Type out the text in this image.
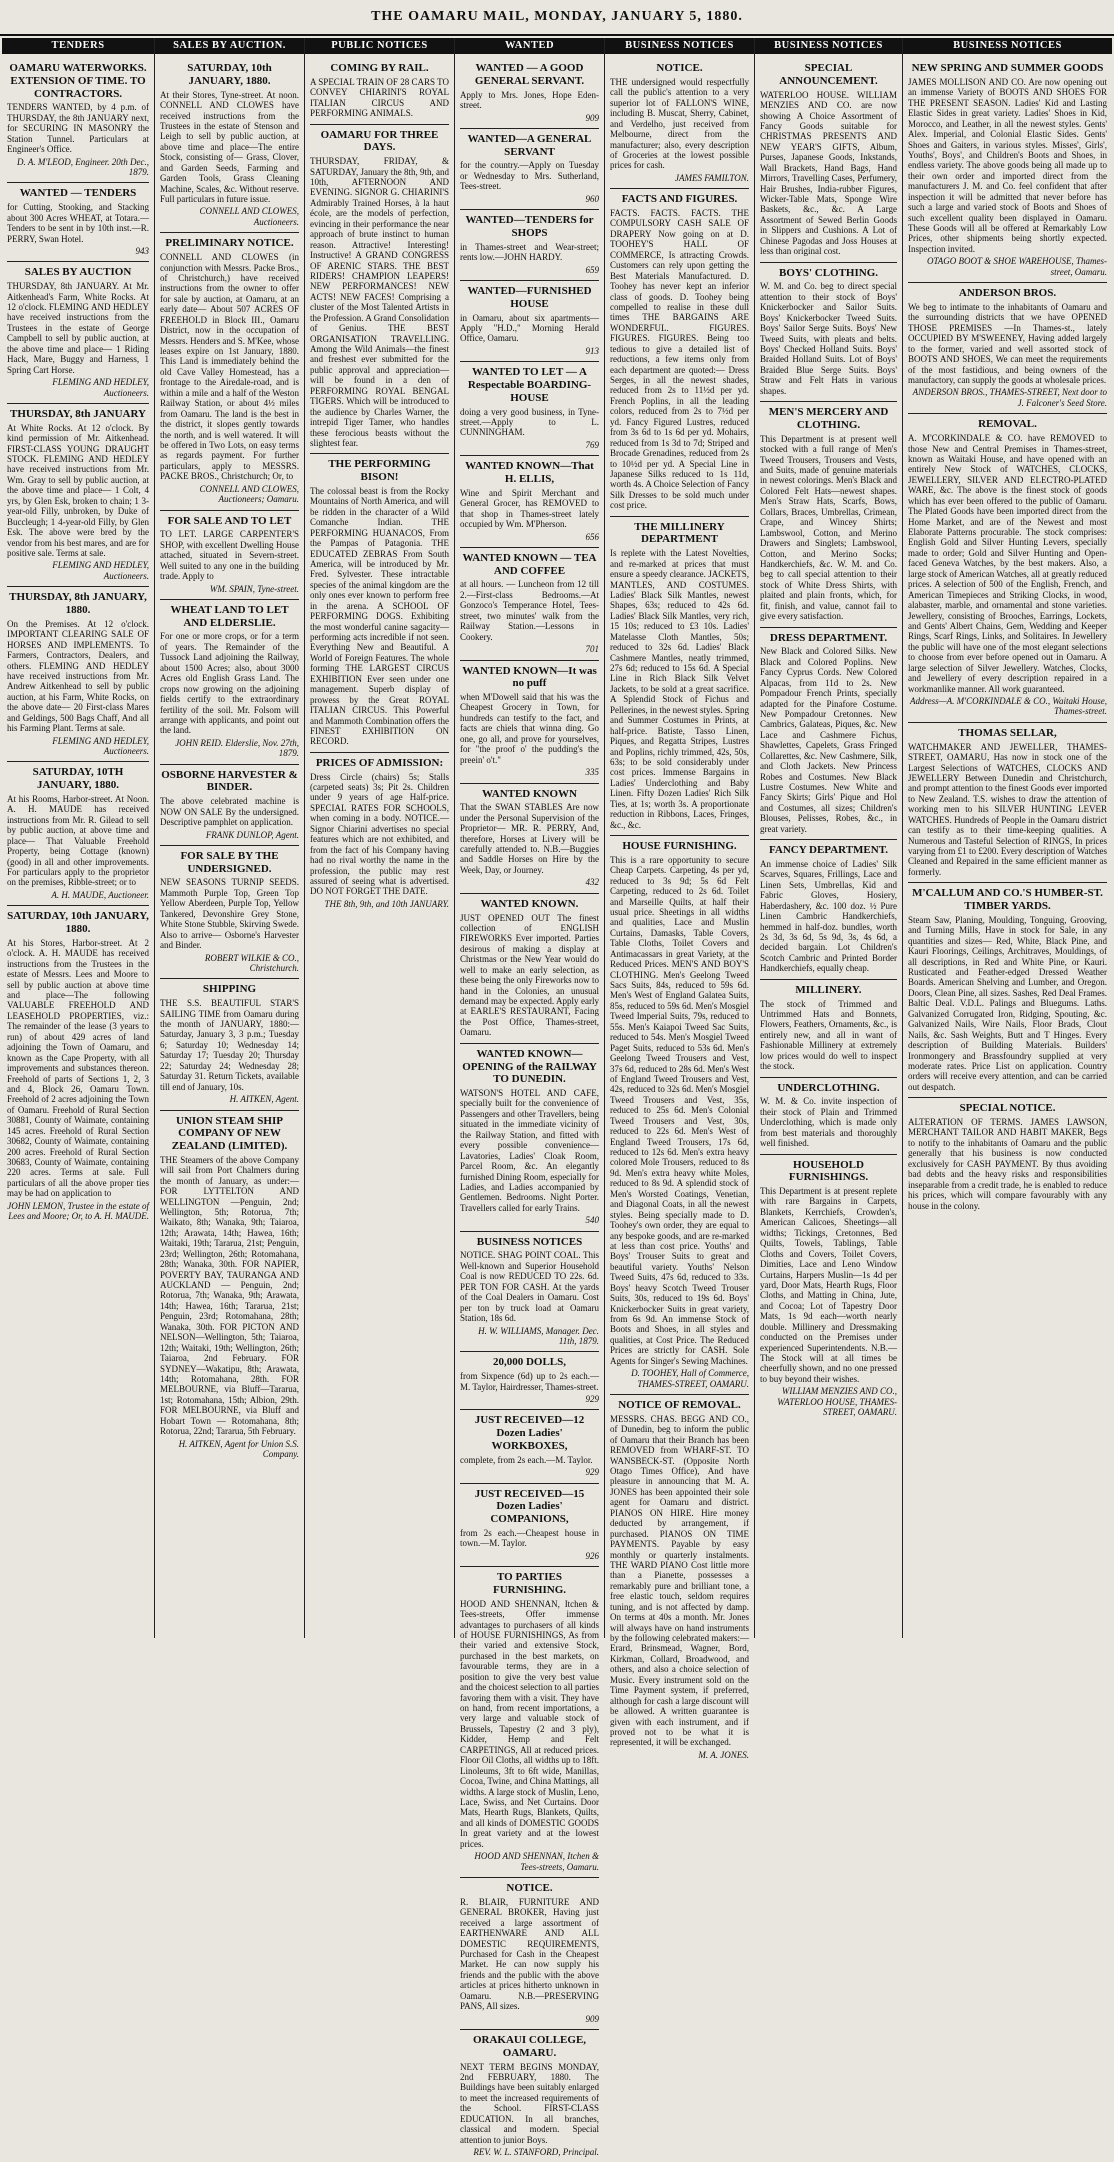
THE OAMARU MAIL, MONDAY, JANUARY 5, 1880.
TENDERS
OAMARU WATERWORKS. EXTENSION OF TIME. TO CONTRACTORS.
TENDERS WANTED, by 4 p.m. of THURSDAY, the 8th JANUARY next, for SECURING IN MASONRY the Station Tunnel. Particulars at Engineer's Office.
D. A. M'LEOD, Engineer. 20th Dec., 1879.
WANTED — TENDERS
for Cutting, Stooking, and Stacking about 300 Acres WHEAT, at Totara.—Tenders to be sent in by 10th inst.—R. PERRY, Swan Hotel.
943
SALES BY AUCTION
THURSDAY, 8th JANUARY. At Mr. Aitkenhead's Farm, White Rocks. At 12 o'clock. FLEMING AND HEDLEY have received instructions from the Trustees in the estate of George Campbell to sell by public auction, at the above time and place— 1 Riding Hack, Mare, Buggy and Harness, 1 Spring Cart Horse.
FLEMING AND HEDLEY, Auctioneers.
THURSDAY, 8th JANUARY
At White Rocks. At 12 o'clock. By kind permission of Mr. Aitkenhead. FIRST-CLASS YOUNG DRAUGHT STOCK. FLEMING AND HEDLEY have received instructions from Mr. Wm. Gray to sell by public auction, at the above time and place— 1 Colt, 4 yrs, by Glen Esk, broken to chain; 1 3-year-old Filly, unbroken, by Duke of Buccleugh; 1 4-year-old Filly, by Glen Esk. The above were bred by the vendor from his best mares, and are for positive sale. Terms at sale.
FLEMING AND HEDLEY, Auctioneers.
THURSDAY, 8th JANUARY, 1880.
On the Premises. At 12 o'clock. IMPORTANT CLEARING SALE OF HORSES AND IMPLEMENTS. To Farmers, Contractors, Dealers, and others. FLEMING AND HEDLEY have received instructions from Mr. Andrew Aitkenhead to sell by public auction, at his Farm, White Rocks, on the above date— 20 First-class Mares and Geldings, 500 Bags Chaff, And all his Farming Plant. Terms at sale.
FLEMING AND HEDLEY, Auctioneers.
SATURDAY, 10TH JANUARY, 1880.
At his Rooms, Harbor-street. At Noon. A. H. MAUDE has received instructions from Mr. R. Gilead to sell by public auction, at above time and place— That Valuable Freehold Property, being Cottage (known) (good) in all and other improvements. For particulars apply to the proprietor on the premises, Ribble-street; or to
A. H. MAUDE, Auctioneer.
SATURDAY, 10th JANUARY, 1880.
At his Stores, Harbor-street. At 2 o'clock. A. H. MAUDE has received instructions from the Trustees in the estate of Messrs. Lees and Moore to sell by public auction at above time and place—The following VALUABLE FREEHOLD AND LEASEHOLD PROPERTIES, viz.: The remainder of the lease (3 years to run) of about 429 acres of land adjoining the Town of Oamaru, and known as the Cape Property, with all improvements and substances thereon. Freehold of parts of Sections 1, 2, 3 and 4, Block 26, Oamaru Town. Freehold of 2 acres adjoining the Town of Oamaru. Freehold of Rural Section 30881, County of Waimate, containing 145 acres. Freehold of Rural Section 30682, County of Waimate, containing 200 acres. Freehold of Rural Section 30683, County of Waimate, containing 220 acres. Terms at sale. Full particulars of all the above proper ties may be had on application to
JOHN LEMON, Trustee in the estate of Lees and Moore; Or, to A. H. MAUDE.
SALES BY AUCTION.
SATURDAY, 10th JANUARY, 1880.
At their Stores, Tyne-street. At noon. CONNELL AND CLOWES have received instructions from the Trustees in the estate of Stenson and Leigh to sell by public auction, at above time and place—The entire Stock, consisting of— Grass, Clover, and Garden Seeds, Farming and Garden Tools, Grass Cleaning Machine, Scales, &c. Without reserve. Full particulars in future issue.
CONNELL AND CLOWES, Auctioneers.
PRELIMINARY NOTICE.
CONNELL AND CLOWES (in conjunction with Messrs. Packe Bros., of Christchurch,) have received instructions from the owner to offer for sale by auction, at Oamaru, at an early date— About 507 ACRES OF FREEHOLD in Block III., Oamaru District, now in the occupation of Messrs. Henders and S. M'Kee, whose leases expire on 1st January, 1880. This Land is immediately behind the old Cave Valley Homestead, has a frontage to the Airedale-road, and is within a mile and a half of the Weston Railway Station, or about 4½ miles from Oamaru. The land is the best in the district, it slopes gently towards the north, and is well watered. It will be offered in Two Lots, on easy terms as regards payment. For further particulars, apply to MESSRS. PACKE BROS., Christchurch; Or, to
CONNELL AND CLOWES, Auctioneers; Oamaru.
FOR SALE AND TO LET
TO LET. LARGE CARPENTER'S SHOP, with excellent Dwelling House attached, situated in Severn-street. Well suited to any one in the building trade. Apply to
WM. SPAIN, Tyne-street.
WHEAT LAND TO LET AND ELDERSLIE.
For one or more crops, or for a term of years. The Remainder of the Tussock Land adjoining the Railway, about 1500 Acres; also, about 3000 Acres old English Grass Land. The crops now growing on the adjoining fields certify to the extraordinary fertility of the soil. Mr. Folsom will arrange with applicants, and point out the land.
JOHN REID. Elderslie, Nov. 27th, 1879.
OSBORNE HARVESTER & BINDER.
The above celebrated machine is NOW ON SALE By the undersigned. Descriptive pamphlet on application.
FRANK DUNLOP, Agent.
FOR SALE BY THE UNDERSIGNED.
NEW SEASONS TURNIP SEEDS. Mammoth Purple Top, Green Top Yellow Aberdeen, Purple Top, Yellow Tankered, Devonshire Grey Stone, White Stone Stubble, Skirving Swede. Also to arrive— Osborne's Harvester and Binder.
ROBERT WILKIE & CO., Christchurch.
SHIPPING
THE S.S. BEAUTIFUL STAR'S SAILING TIME from Oamaru during the month of JANUARY, 1880:— Saturday, January 3, 3 p.m.; Tuesday 6; Saturday 10; Wednesday 14; Saturday 17; Tuesday 20; Thursday 22; Saturday 24; Wednesday 28; Saturday 31. Return Tickets, available till end of January, 10s.
H. AITKEN, Agent.
UNION STEAM SHIP COMPANY OF NEW ZEALAND (LIMITED).
THE Steamers of the above Company will sail from Port Chalmers during the month of January, as under:— FOR LYTTELTON AND WELLINGTON —Penguin, 2nd; Wellington, 5th; Rotorua, 7th; Waikato, 8th; Wanaka, 9th; Taiaroa, 12th; Arawata, 14th; Hawea, 16th; Waitaki, 19th; Tararua, 21st; Penguin, 23rd; Wellington, 26th; Rotomahana, 28th; Wanaka, 30th. FOR NAPIER, POVERTY BAY, TAURANGA AND AUCKLAND — Penguin, 2nd; Rotorua, 7th; Wanaka, 9th; Arawata, 14th; Hawea, 16th; Tararua, 21st; Penguin, 23rd; Rotomahana, 28th; Wanaka, 30th. FOR PICTON AND NELSON—Wellington, 5th; Taiaroa, 12th; Waitaki, 19th; Wellington, 26th; Taiaroa, 2nd February. FOR SYDNEY—Wakatipu, 8th; Arawata, 14th; Rotomahana, 28th. FOR MELBOURNE, via Bluff—Tararua, 1st; Rotomahana, 15th; Albion, 29th. FOR MELBOURNE, via Bluff and Hobart Town — Rotomahana, 8th; Rotorua, 22nd; Tararua, 5th February.
H. AITKEN, Agent for Union S.S. Company.
PUBLIC NOTICES
COMING BY RAIL.
A SPECIAL TRAIN OF 28 CARS TO CONVEY CHIARINI'S ROYAL ITALIAN CIRCUS AND PERFORMING ANIMALS.
OAMARU FOR THREE DAYS.
THURSDAY, FRIDAY, & SATURDAY, January the 8th, 9th, and 10th, AFTERNOON AND EVENING. SIGNOR G. CHIARINI'S Admirably Trained Horses, à la haut école, are the models of perfection, evincing in their performance the near approach of brute instinct to human reason. Attractive! Interesting! Instructive! A GRAND CONGRESS OF ARENIC STARS. THE BEST RIDERS! CHAMPION LEAPERS! NEW PERFORMANCES! NEW ACTS! NEW FACES! Comprising a cluster of the Most Talented Artists in the Profession. A Grand Consolidation of Genius. THE BEST ORGANISATION TRAVELLING. Among the Wild Animals—the finest and freshest ever submitted for the public approval and appreciation—will be found in a den of PERFORMING ROYAL BENGAL TIGERS. Which will be introduced to the audience by Charles Warner, the intrepid Tiger Tamer, who handles these ferocious beasts without the slightest fear.
THE PERFORMING BISON!
The colossal beast is from the Rocky Mountains of North America, and will be ridden in the character of a Wild Comanche Indian. THE PERFORMING HUANACOS, From the Pampas of Patagonia. THE EDUCATED ZEBRAS From South America, will be introduced by Mr. Fred. Sylvester. These intractable species of the animal kingdom are the only ones ever known to perform free in the arena. A SCHOOL OF PERFORMING DOGS. Exhibiting the most wonderful canine sagacity—performing acts incredible if not seen. Everything New and Beautiful. A World of Foreign Features. The whole forming THE LARGEST CIRCUS EXHIBITION Ever seen under one management. Superb display of prowess by the Great ROYAL ITALIAN CIRCUS. This Powerful and Mammoth Combination offers the FINEST EXHIBITION ON RECORD.
PRICES OF ADMISSION:
Dress Circle (chairs) 5s; Stalls (carpeted seats) 3s; Pit 2s. Children under 9 years of age Half-price. SPECIAL RATES FOR SCHOOLS, when coming in a body. NOTICE.—Signor Chiarini advertises no special features which are not exhibited, and from the fact of his Company having had no rival worthy the name in the profession, the public may rest assured of seeing what is advertised. DO NOT FORGET THE DATE.
THE 8th, 9th, and 10th JANUARY.
WANTED
WANTED — A GOOD GENERAL SERVANT.
Apply to Mrs. Jones, Hope Eden-street.
909
WANTED—A GENERAL SERVANT
for the country.—Apply on Tuesday or Wednesday to Mrs. Sutherland, Tees-street.
960
WANTED—TENDERS for SHOPS
in Thames-street and Wear-street; rents low.—JOHN HARDY.
659
WANTED—FURNISHED HOUSE
in Oamaru, about six apartments—Apply "H.D.," Morning Herald Office, Oamaru.
913
WANTED TO LET — A Respectable BOARDING-HOUSE
doing a very good business, in Tyne-street.—Apply to L. CUNNINGHAM.
769
WANTED KNOWN—That H. ELLIS,
Wine and Spirit Merchant and General Grocer, has REMOVED to that shop in Thames-street lately occupied by Wm. M'Pherson.
656
WANTED KNOWN — TEA AND COFFEE
at all hours. — Luncheon from 12 till 2.—First-class Bedrooms.—At Gonzoco's Temperance Hotel, Tees-street, two minutes' walk from the Railway Station.—Lessons in Cookery.
701
WANTED KNOWN—It was no puff
when M'Dowell said that his was the Cheapest Grocery in Town, for hundreds can testify to the fact, and facts are chiels that winna ding. Go one, go all, and prove for yourselves, for "the proof o' the pudding's the preein' o't."
335
WANTED KNOWN
That the SWAN STABLES Are now under the Personal Supervision of the Proprietor— MR. R. PERRY, And, therefore, Horses at Livery will be carefully attended to. N.B.—Buggies and Saddle Horses on Hire by the Week, Day, or Journey.
432
WANTED KNOWN.
JUST OPENED OUT The finest collection of ENGLISH FIREWORKS Ever imported. Parties desirous of making a display at Christmas or the New Year would do well to make an early selection, as these being the only Fireworks now to hand in the Colonies, an unusual demand may be expected. Apply early at EARLE'S RESTAURANT, Facing the Post Office, Thames-street, Oamaru.
WANTED KNOWN—OPENING of the RAILWAY TO DUNEDIN.
WATSON'S HOTEL AND CAFE, specially built for the convenience of Passengers and other Travellers, being situated in the immediate vicinity of the Railway Station, and fitted with every possible convenience—Lavatories, Ladies' Cloak Room, Parcel Room, &c. An elegantly furnished Dining Room, especially for Ladies, and Ladies accompanied by Gentlemen. Bedrooms. Night Porter. Travellers called for early Trains.
540
BUSINESS NOTICES
NOTICE. SHAG POINT COAL. This Well-known and Superior Household Coal is now REDUCED TO 22s. 6d. PER TON FOR CASH. At the yards of the Coal Dealers in Oamaru. Cost per ton by truck load at Oamaru Station, 18s 6d.
H. W. WILLIAMS, Manager. Dec. 11th, 1879.
20,000 DOLLS,
from Sixpence (6d) up to 2s each.—M. Taylor, Hairdresser, Thames-street.
929
JUST RECEIVED—12 Dozen Ladies' WORKBOXES,
complete, from 2s each.—M. Taylor.
929
JUST RECEIVED—15 Dozen Ladies' COMPANIONS,
from 2s each.—Cheapest house in town.—M. Taylor.
926
TO PARTIES FURNISHING.
HOOD AND SHENNAN, Itchen & Tees-streets, Offer immense advantages to purchasers of all kinds of HOUSE FURNISHINGS, As from their varied and extensive Stock, purchased in the best markets, on favourable terms, they are in a position to give the very best value and the choicest selection to all parties favoring them with a visit. They have on hand, from recent importations, a very large and valuable stock of Brussels, Tapestry (2 and 3 ply), Kidder, Hemp and Felt CARPETINGS, All at reduced prices. Floor Oil Cloths, all widths up to 18ft. Linoleums, 3ft to 6ft wide, Manillas, Cocoa, Twine, and China Mattings, all widths. A large stock of Muslin, Leno, Lace, Swiss, and Net Curtains. Door Mats, Hearth Rugs, Blankets, Quilts, and all kinds of DOMESTIC GOODS In great variety and at the lowest prices.
HOOD AND SHENNAN, Itchen & Tees-streets, Oamaru.
NOTICE.
R. BLAIR, FURNITURE AND GENERAL BROKER, Having just received a large assortment of EARTHENWARE AND ALL DOMESTIC REQUIREMENTS, Purchased for Cash in the Cheapest Market. He can now supply his friends and the public with the above articles at prices hitherto unknown in Oamaru. N.B.—PRESERVING PANS, All sizes.
909
ORAKAUI COLLEGE, OAMARU.
NEXT TERM BEGINS MONDAY, 2nd FEBRUARY, 1880. The Buildings have been suitably enlarged to meet the increased requirements of the School. FIRST-CLASS EDUCATION. In all branches, classical and modern. Special attention to junior Boys.
REV. W. L. STANFORD, Principal.
BUSINESS NOTICES
NOTICE.
THE undersigned would respectfully call the public's attention to a very superior lot of FALLON'S WINE, including B. Muscat, Sherry, Cabinet, and Verdelho, just received from Melbourne, direct from the manufacturer; also, every description of Groceries at the lowest possible prices for cash.
JAMES FAMILTON.
FACTS AND FIGURES.
FACTS. FACTS. FACTS. THE COMPULSORY CASH SALE OF DRAPERY Now going on at D. TOOHEY'S HALL OF COMMERCE, Is attracting Crowds. Customers can rely upon getting the Best Materials Manufactured. D. Toohey has never kept an inferior class of goods. D. Toohey being compelled to realise in these dull times THE BARGAINS ARE WONDERFUL. FIGURES. FIGURES. FIGURES. Being too tedious to give a detailed list of reductions, a few items only from each department are quoted:— Dress Serges, in all the newest shades, reduced from 2s to 11½d per yd. French Poplins, in all the leading colors, reduced from 2s to 7½d per yd. Fancy Figured Lustres, reduced from 3s 6d to 1s 6d per yd. Mohairs, reduced from 1s 3d to 7d; Striped and Brocade Grenadines, reduced from 2s to 10½d per yd. A Special Line in Japanese Silks reduced to 1s 11d, worth 4s. A Choice Selection of Fancy Silk Dresses to be sold much under cost price.
THE MILLINERY DEPARTMENT
Is replete with the Latest Novelties, and re-marked at prices that must ensure a speedy clearance. JACKETS, MANTLES, AND COSTUMES. Ladies' Black Silk Mantles, newest Shapes, 63s; reduced to 42s 6d. Ladies' Black Silk Mantles, very rich, 15 10s; reduced to £3 10s. Ladies' Matelasse Cloth Mantles, 50s; reduced to 32s 6d. Ladies' Black Cashmere Mantles, neatly trimmed, 27s 6d; reduced to 15s 6d. A Special Line in Rich Black Silk Velvet Jackets, to be sold at a great sacrifice. A Splendid Stock of Fichus and Pellerines, in the newest styles. Spring and Summer Costumes in Prints, at half-price. Batiste, Tasso Linen, Piques, and Regatta Stripes, Lustres and Poplins, richly trimmed, 42s, 50s, 63s; to be sold considerably under cost prices. Immense Bargains in Ladies' Underclothing and Baby Linen. Fifty Dozen Ladies' Rich Silk Ties, at 1s; worth 3s. A proportionate reduction in Ribbons, Laces, Fringes, &c., &c.
HOUSE FURNISHING.
This is a rare opportunity to secure Cheap Carpets. Carpeting, 4s per yd, reduced to 3s 9d; 5s 6d Felt Carpeting, reduced to 2s 6d. Toilet and Marseille Quilts, at half their usual price. Sheetings in all widths and qualities, Lace and Muslin Curtains, Damasks, Table Covers, Table Cloths, Toilet Covers and Antimacassars in great Variety, at the Reduced Prices. MEN'S AND BOY'S CLOTHING. Men's Geelong Tweed Sacs Suits, 84s, reduced to 59s 6d. Men's West of England Galatea Suits, 85s, reduced to 59s 6d. Men's Mosgiel Tweed Imperial Suits, 79s, reduced to 55s. Men's Kaiapoi Tweed Sac Suits, reduced to 54s. Men's Mosgiel Tweed Paget Suits, reduced to 53s 6d. Men's Geelong Tweed Trousers and Vest, 37s 6d, reduced to 28s 6d. Men's West of England Tweed Trousers and Vest, 42s, reduced to 32s 6d. Men's Mosgiel Tweed Trousers and Vest, 35s, reduced to 25s 6d. Men's Colonial Tweed Trousers and Vest, 30s, reduced to 22s 6d. Men's West of England Tweed Trousers, 17s 6d, reduced to 12s 6d. Men's extra heavy colored Mole Trousers, reduced to 8s 9d. Men's extra heavy white Moles, reduced to 8s 9d. A splendid stock of Men's Worsted Coatings, Venetian, and Diagonal Coats, in all the newest styles. Being specially made to D. Toohey's own order, they are equal to any bespoke goods, and are re-marked at less than cost price. Youths' and Boys' Trouser Suits to great and beautiful variety. Youths' Nelson Tweed Suits, 47s 6d, reduced to 33s. Boys' heavy Scotch Tweed Trouser Suits, 30s, reduced to 19s 6d. Boys' Knickerbocker Suits in great variety, from 6s 9d. An immense Stock of Boots and Shoes, in all styles and qualities, at Cost Price. The Reduced Prices are strictly for CASH. Sole Agents for Singer's Sewing Machines.
D. TOOHEY, Hall of Commerce, THAMES-STREET, OAMARU.
NOTICE OF REMOVAL.
MESSRS. CHAS. BEGG AND CO., of Dunedin, beg to inform the public of Oamaru that their Branch has been REMOVED from WHARF-ST. TO WANSBECK-ST. (Opposite North Otago Times Office), And have pleasure in announcing that M. A. JONES has been appointed their sole agent for Oamaru and district. PIANOS ON HIRE. Hire money deducted by arrangement, if purchased. PIANOS ON TIME PAYMENTS. Payable by easy monthly or quarterly instalments. THE WARD PIANO Cost little more than a Pianette, possesses a remarkably pure and brilliant tone, a free elastic touch, seldom requires tuning, and is not affected by damp. On terms at 40s a month. Mr. Jones will always have on hand instruments by the following celebrated makers:—Erard, Brinsmead, Wagner, Bord, Kirkman, Collard, Broadwood, and others, and also a choice selection of Music. Every instrument sold on the Time Payment system, if preferred, although for cash a large discount will be allowed. A written guarantee is given with each instrument, and if proved not to be what it is represented, it will be exchanged.
M. A. JONES.
BUSINESS NOTICES
SPECIAL ANNOUNCEMENT.
WATERLOO HOUSE. WILLIAM MENZIES AND CO. are now showing A Choice Assortment of Fancy Goods suitable for CHRISTMAS PRESENTS AND NEW YEAR'S GIFTS, Album, Purses, Japanese Goods, Inkstands, Wall Brackets, Hand Bags, Hand Mirrors, Travelling Cases, Perfumery, Hair Brushes, India-rubber Figures, Wicker-Table Mats, Sponge Wire Baskets, &c., &c. A Large Assortment of Sewed Berlin Goods in Slippers and Cushions. A Lot of Chinese Pagodas and Joss Houses at less than original cost.
BOYS' CLOTHING.
W. M. and Co. beg to direct special attention to their stock of Boys' Knickerbocker and Sailor Suits. Boys' Knickerbocker Tweed Suits. Boys' Sailor Serge Suits. Boys' New Tweed Suits, with pleats and belts. Boys' Checked Holland Suits. Boys' Braided Holland Suits. Lot of Boys' Braided Blue Serge Suits. Boys' Straw and Felt Hats in various shapes.
MEN'S MERCERY AND CLOTHING.
This Department is at present well stocked with a full range of Men's Tweed Trousers, Trousers and Vests, and Suits, made of genuine materials in newest colorings. Men's Black and Colored Felt Hats—newest shapes. Men's Straw Hats, Scarfs, Bows, Collars, Braces, Umbrellas, Crimean, Crape, and Wincey Shirts; Lambswool, Cotton, and Merino Drawers and Singlets; Lambswool, Cotton, and Merino Socks; Handkerchiefs, &c. W. M. and Co. beg to call special attention to their stock of White Dress Shirts, with plaited and plain fronts, which, for fit, finish, and value, cannot fail to give every satisfaction.
DRESS DEPARTMENT.
New Black and Colored Silks. New Black and Colored Poplins. New Fancy Cyprus Cords. New Colored Alpacas, from 11d to 2s. New Pompadour French Prints, specially adapted for the Pinafore Costume. New Pompadour Cretonnes. New Cambrics, Galateas, Piques, &c. New Lace and Cashmere Fichus, Shawlettes, Capelets, Grass Fringed Collarettes, &c. New Cashmere, Silk, and Cloth Jackets. New Princess Robes and Costumes. New Black Lustre Costumes. New White and Fancy Skirts; Girls' Pique and Hol and Costumes, all sizes; Children's Blouses, Pelisses, Robes, &c., in great variety.
FANCY DEPARTMENT.
An immense choice of Ladies' Silk Scarves, Squares, Frillings, Lace and Linen Sets, Umbrellas, Kid and Fabric Gloves, Hosiery, Haberdashery, &c. 100 doz. ½ Pure Linen Cambric Handkerchiefs, hemmed in half-doz. bundles, worth 2s 3d, 3s 6d, 5s 9d, 3s, 4s 6d, a decided bargain. Lot Children's Scotch Cambric and Printed Border Handkerchiefs, equally cheap.
MILLINERY.
The stock of Trimmed and Untrimmed Hats and Bonnets, Flowers, Feathers, Ornaments, &c., is entirely new, and all in want of Fashionable Millinery at extremely low prices would do well to inspect the stock.
UNDERCLOTHING.
W. M. & Co. invite inspection of their stock of Plain and Trimmed Underclothing, which is made only from best materials and thoroughly well finished.
HOUSEHOLD FURNISHINGS.
This Department is at present replete with rare Bargains in Carpets, Blankets, Kerrchiefs, Crowden's, American Calicoes, Sheetings—all widths; Tickings, Cretonnes, Bed Quilts, Towels, Tablings, Table Cloths and Covers, Toilet Covers, Dimities, Lace and Leno Window Curtains, Harpers Muslin—1s 4d per yard, Door Mats, Hearth Rugs, Floor Cloths, and Matting in China, Jute, and Cocoa; Lot of Tapestry Door Mats, 1s 9d each—worth nearly double. Millinery and Dressmaking conducted on the Premises under experienced Superintendents. N.B.—The Stock will at all times be cheerfully shown, and no one pressed to buy beyond their wishes.
WILLIAM MENZIES AND CO., WATERLOO HOUSE, THAMES-STREET, OAMARU.
BUSINESS NOTICES
NEW SPRING AND SUMMER GOODS
JAMES MOLLISON AND CO. Are now opening out an immense Variety of BOOTS AND SHOES FOR THE PRESENT SEASON. Ladies' Kid and Lasting Elastic Sides in great variety. Ladies' Shoes in Kid, Morocco, and Leather, in all the newest styles. Gents' Alex. Imperial, and Colonial Elastic Sides. Gents' Shoes and Gaiters, in various styles. Misses', Girls', Youths', Boys', and Children's Boots and Shoes, in endless variety. The above goods being all made up to their own order and imported direct from the manufacturers J. M. and Co. feel confident that after inspection it will be admitted that never before has such a large and varied stock of Boots and Shoes of such excellent quality been displayed in Oamaru. These Goods will all be offered at Remarkably Low Prices, other shipments being shortly expected. Inspection invited.
OTAGO BOOT & SHOE WAREHOUSE, Thames-street, Oamaru.
ANDERSON BROS.
We beg to intimate to the inhabitants of Oamaru and the surrounding districts that we have OPENED THOSE PREMISES —In Thames-st., lately OCCUPIED BY M'SWEENEY, Having added largely to the former, varied and well assorted stock of BOOTS AND SHOES, We can meet the requirements of the most fastidious, and being owners of the manufactory, can supply the goods at wholesale prices.
ANDERSON BROS., THAMES-STREET, Next door to J. Falconer's Seed Store.
REMOVAL.
A. M'CORKINDALE & CO. have REMOVED to those New and Central Premises in Thames-street, known as Waitaki House, and have opened with an entirely New Stock of WATCHES, CLOCKS, JEWELLERY, SILVER AND ELECTRO-PLATED WARE, &c. The above is the finest stock of goods which has ever been offered to the public of Oamaru. The Plated Goods have been imported direct from the Home Market, and are of the Newest and most Elaborate Patterns procurable. The stock comprises: English Gold and Silver Hunting Levers, specially made to order; Gold and Silver Hunting and Open-faced Geneva Watches, by the best makers. Also, a large stock of American Watches, all at greatly reduced prices. A selection of 500 of the English, French, and American Timepieces and Striking Clocks, in wood, alabaster, marble, and ornamental and stone varieties. Jewellery, consisting of Brooches, Earrings, Lockets, and Gents' Albert Chains, Gem, Wedding and Keeper Rings, Scarf Rings, Links, and Solitaires. In Jewellery the public will have one of the most elegant selections to choose from ever before opened out in Oamaru. A large selection of Silver Jewellery. Watches, Clocks, and Jewellery of every description repaired in a workmanlike manner. All work guaranteed.
Address—A. M'CORKINDALE & CO., Waitaki House, Thames-street.
THOMAS SELLAR,
WATCHMAKER AND JEWELLER, THAMES-STREET, OAMARU, Has now in stock one of the Largest Selections of WATCHES, CLOCKS AND JEWELLERY Between Dunedin and Christchurch, and prompt attention to the finest Goods ever imported to New Zealand. T.S. wishes to draw the attention of working men to his SILVER HUNTING LEVER WATCHES. Hundreds of People in the Oamaru district can testify as to their time-keeping qualities. A Numerous and Tasteful Selection of RINGS, In prices varying from £1 to £200. Every description of Watches Cleaned and Repaired in the same efficient manner as formerly.
M'CALLUM AND CO.'S HUMBER-ST. TIMBER YARDS.
Steam Saw, Planing, Moulding, Tonguing, Grooving, and Turning Mills, Have in stock for Sale, in any quantities and sizes— Red, White, Black Pine, and Kauri Floorings, Ceilings, Architraves, Mouldings, of all descriptions, in Red and White Pine, or Kauri. Rusticated and Feather-edged Dressed Weather Boards. American Shelving and Lumber, and Oregon. Doors, Clean Pine, all sizes. Sashes, Red Deal Frames. Baltic Deal. V.D.L. Palings and Bluegums. Laths. Galvanized Corrugated Iron, Ridging, Spouting, &c. Galvanized Nails, Wire Nails, Floor Brads, Clout Nails, &c. Sash Weights, Butt and T Hinges. Every description of Building Materials. Builders' Ironmongery and Brassfoundry supplied at very moderate rates. Price List on application. Country orders will receive every attention, and can be carried out despatch.
SPECIAL NOTICE.
ALTERATION OF TERMS. JAMES LAWSON, MERCHANT TAILOR AND HABIT MAKER, Begs to notify to the inhabitants of Oamaru and the public generally that his business is now conducted exclusively for CASH PAYMENT. By thus avoiding bad debts and the heavy risks and responsibilities inseparable from a credit trade, he is enabled to reduce his prices, which will compare favourably with any house in the colony.
